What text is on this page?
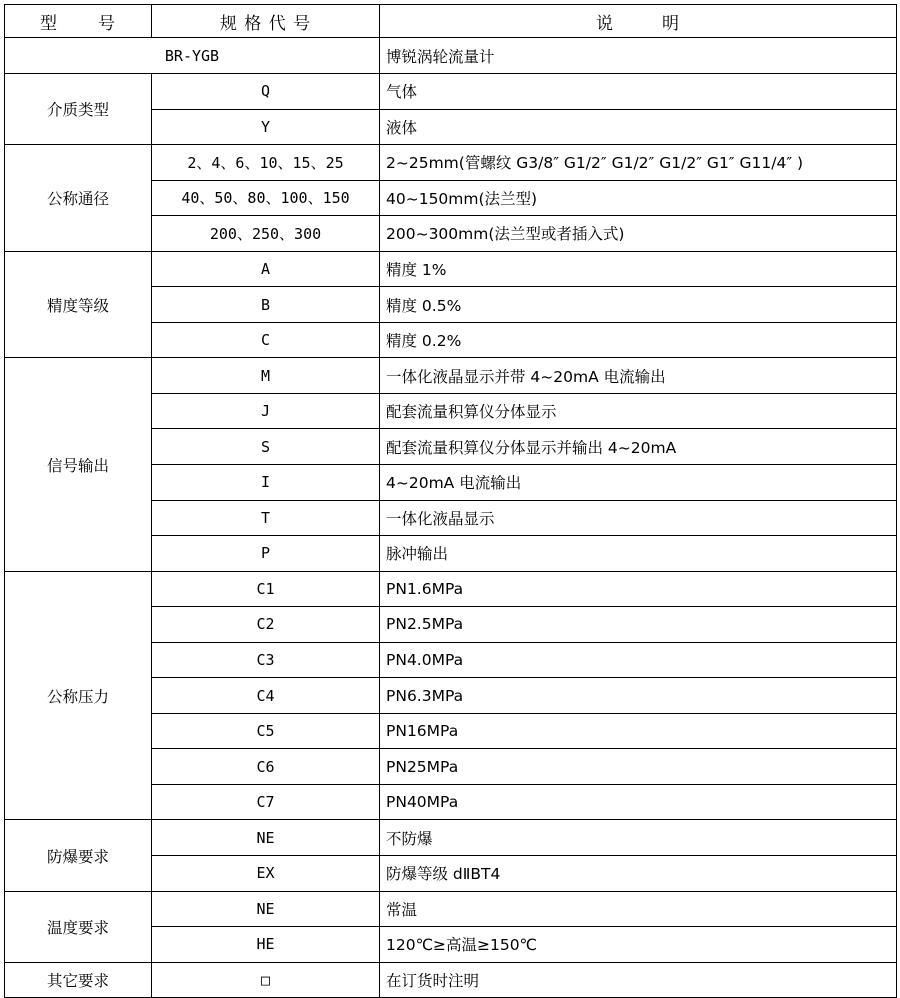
型 号	规 格 代 号	说 明
BR-YGB		博锐涡轮流量计
介质类型	Q	气体
	Y	液体
公称通径	2、4、6、10、15、25	2~25mm(管螺纹 G3/8″ G1/2″ G1/2″ G1/2″ G1″ G11/4″ )
	40、50、80、100、150	40~150mm(法兰型)
	200、250、300	200~300mm(法兰型或者插入式)
精度等级	A	精度 1%
	B	精度 0.5%
	C	精度 0.2%
信号输出	M	一体化液晶显示并带 4~20mA 电流输出
	J	配套流量积算仪分体显示
	S	配套流量积算仪分体显示并输出 4~20mA
	I	4~20mA 电流输出
	T	一体化液晶显示
	P	脉冲输出
公称压力	C1	PN1.6MPa
	C2	PN2.5MPa
	C3	PN4.0MPa
	C4	PN6.3MPa
	C5	PN16MPa
	C6	PN25MPa
	C7	PN40MPa
防爆要求	NE	不防爆
	EX	防爆等级 dⅡBT4
温度要求	NE	常温
	HE	120℃≥高温≥150℃
其它要求	□	在订货时注明
